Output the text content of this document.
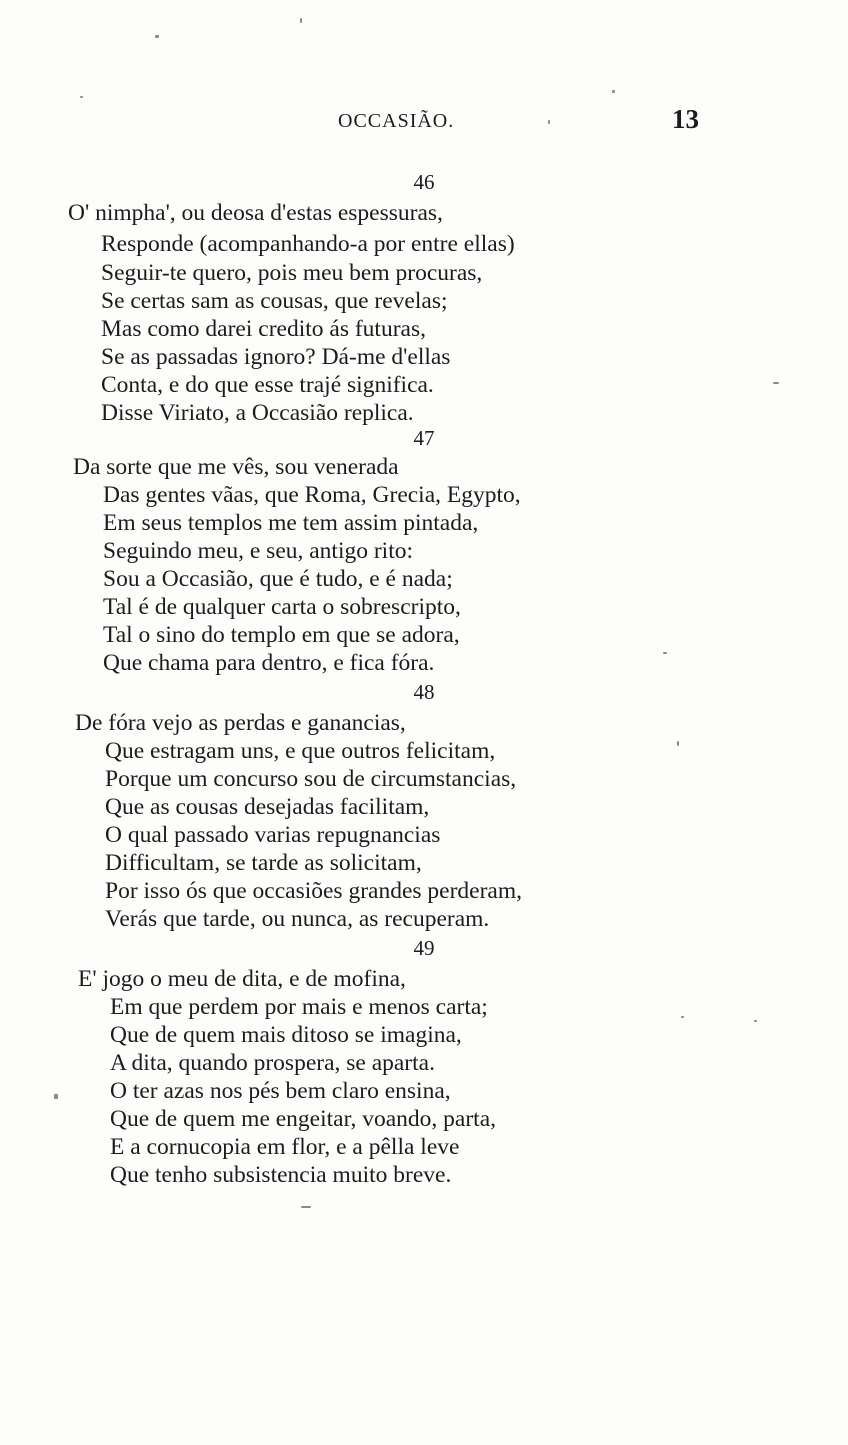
OCCASIÃO.	13
46
O' nimpha', ou deosa d'estas espessuras,
Responde (acompanhando-a por entre ellas)
Seguir-te quero, pois meu bem procuras,
Se certas sam as cousas, que revelas;
Mas como darei credito ás futuras,
Se as passadas ignoro? Dá-me d'ellas
Conta, e do que esse trajé significa.
Disse Viriato, a Occasião replica.
47
Da sorte que me vês, sou venerada
Das gentes vãas, que Roma, Grecia, Egypto,
Em seus templos me tem assim pintada,
Seguindo meu, e seu, antigo rito:
Sou a Occasião, que é tudo, e é nada;
Tal é de qualquer carta o sobrescripto,
Tal o sino do templo em que se adora,
Que chama para dentro, e fica fóra.
48
De fóra vejo as perdas e ganancias,
Que estragam uns, e que outros felicitam,
Porque um concurso sou de circumstancias,
Que as cousas desejadas facilitam,
O qual passado varias repugnancias
Difficultam, se tarde as solicitam,
Por isso ós que occasiões grandes perderam,
Verás que tarde, ou nunca, as recuperam.
49
E' jogo o meu de dita, e de mofina,
Em que perdem por mais e menos carta;
Que de quem mais ditoso se imagina,
A dita, quando prospera, se aparta.
O ter azas nos pés bem claro ensina,
Que de quem me engeitar, voando, parta,
E a cornucopia em flor, e a pêlla leve
Que tenho subsistencia muito breve.
